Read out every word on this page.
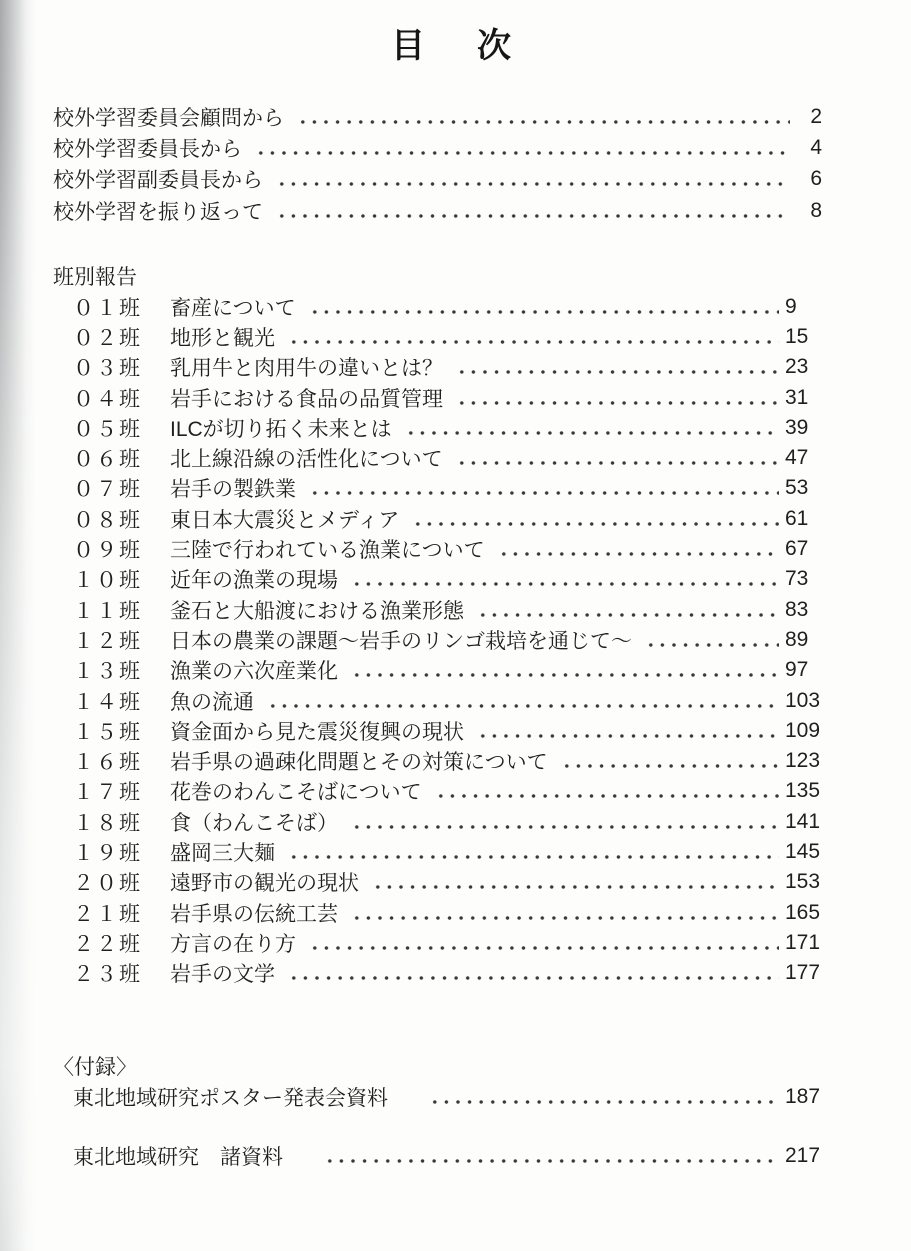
目　次
校外学習委員会顧問から	2
校外学習委員長から	4
校外学習副委員長から	6
校外学習を振り返って	8
班別報告
０１班	畜産について	9
０２班	地形と観光	15
０３班	乳用牛と肉用牛の違いとは？	23
０４班	岩手における食品の品質管理	31
０５班	ILCが切り拓く未来とは	39
０６班	北上線沿線の活性化について	47
０７班	岩手の製鉄業	53
０８班	東日本大震災とメディア	61
０９班	三陸で行われている漁業について	67
１０班	近年の漁業の現場	73
１１班	釜石と大船渡における漁業形態	83
１２班	日本の農業の課題～岩手のリンゴ栽培を通じて～	89
１３班	漁業の六次産業化	97
１４班	魚の流通	103
１５班	資金面から見た震災復興の現状	109
１６班	岩手県の過疎化問題とその対策について	123
１７班	花巻のわんこそばについて	135
１８班	食（わんこそば）	141
１９班	盛岡三大麺	145
２０班	遠野市の観光の現状	153
２１班	岩手県の伝統工芸	165
２２班	方言の在り方	171
２３班	岩手の文学	177
〈付録〉
東北地域研究ポスター発表会資料	187
東北地域研究　諸資料	217
